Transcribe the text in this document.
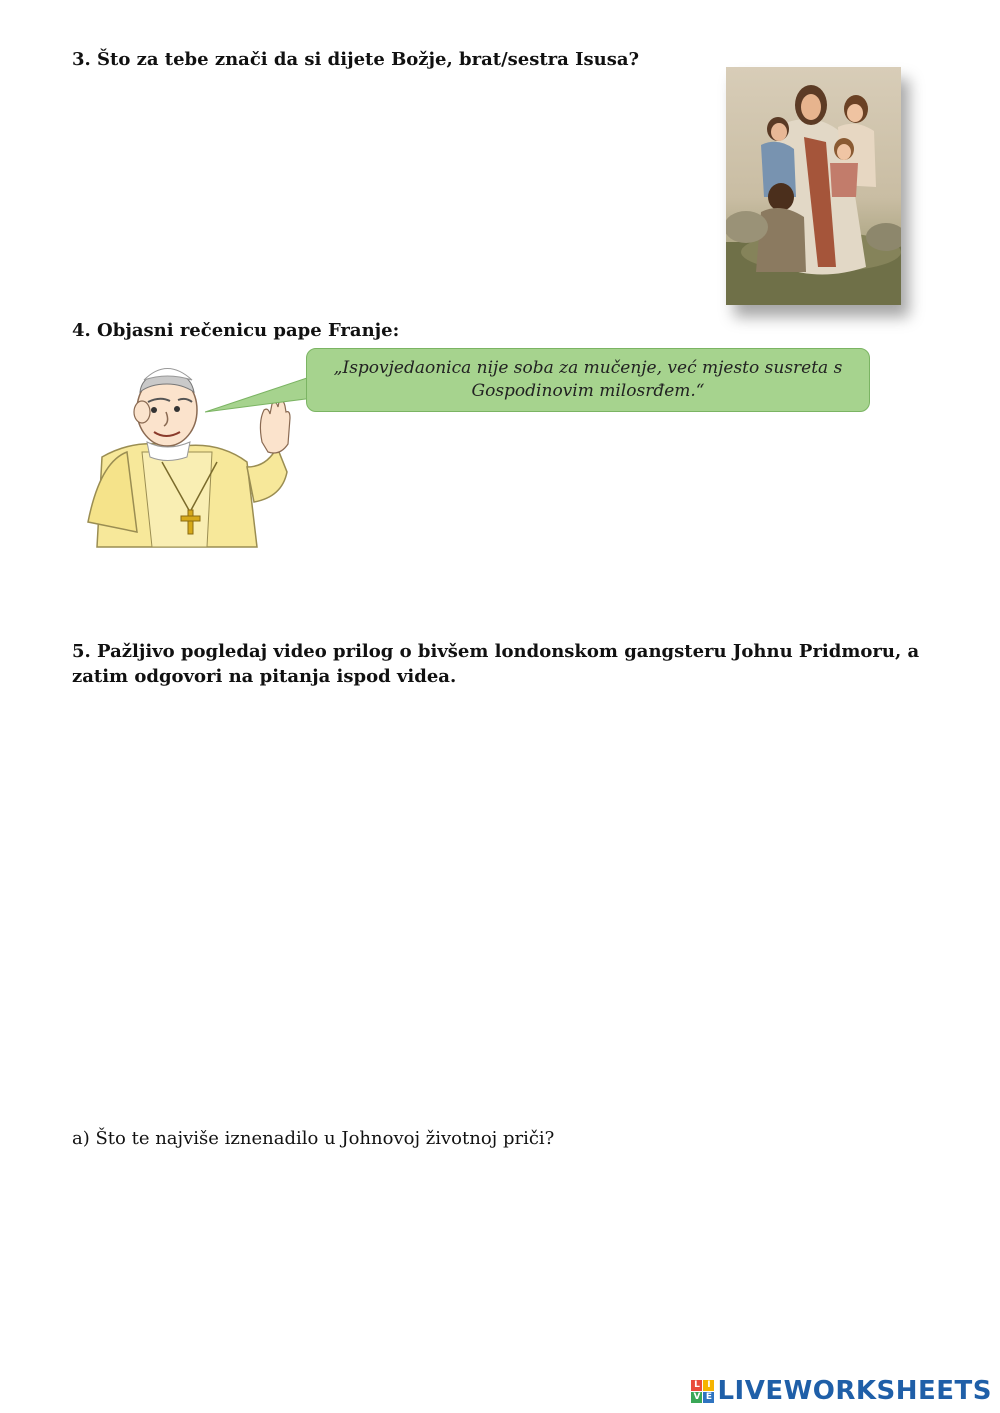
3. Što za tebe znači da si dijete Božje, brat/sestra Isusa?

4. Objasni rečenicu pape Franje:

„Ispovjedaonica nije soba za mučenje, već mjesto susreta s Gospodinovim milosrđem.“

5. Pažljivo pogledaj video prilog o bivšem londonskom gangsteru Johnu Pridmoru, a zatim odgovori na pitanja ispod videa.

a) Što te najviše iznenadilo u Johnovoj životnoj priči?

L I
V E LIVEWORKSHEETS
